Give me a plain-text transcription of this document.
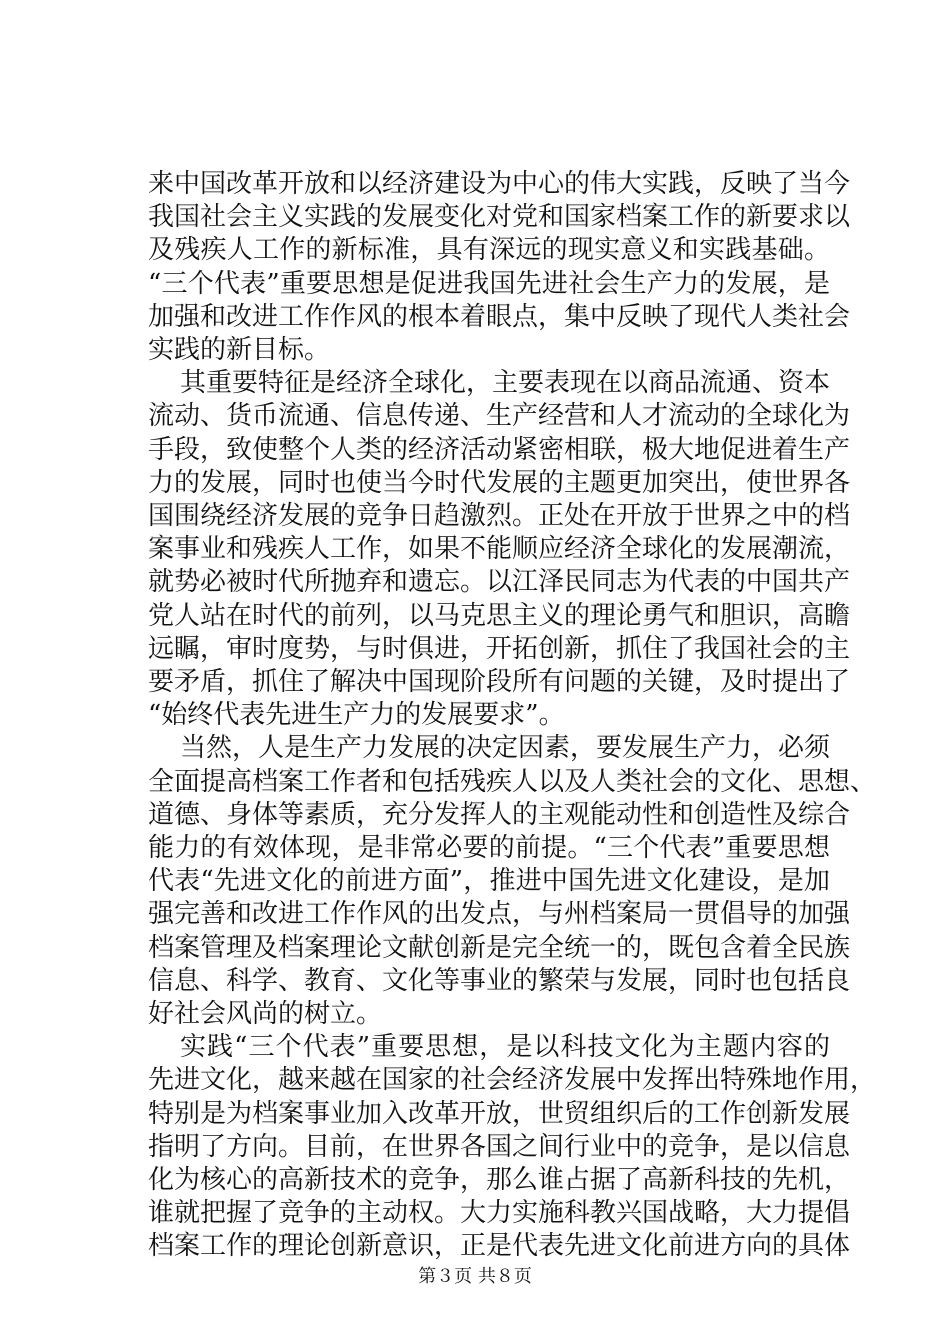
来中国改革开放和以经济建设为中心的伟大实践，反映了当今
我国社会主义实践的发展变化对党和国家档案工作的新要求以
及残疾人工作的新标准，具有深远的现实意义和实践基础。
“三个代表”重要思想是促进我国先进社会生产力的发展，是
加强和改进工作作风的根本着眼点，集中反映了现代人类社会
实践的新目标。
其重要特征是经济全球化，主要表现在以商品流通、资本
流动、货币流通、信息传递、生产经营和人才流动的全球化为
手段，致使整个人类的经济活动紧密相联，极大地促进着生产
力的发展，同时也使当今时代发展的主题更加突出，使世界各
国围绕经济发展的竞争日趋激烈。正处在开放于世界之中的档
案事业和残疾人工作，如果不能顺应经济全球化的发展潮流，
就势必被时代所抛弃和遗忘。以江泽民同志为代表的中国共产
党人站在时代的前列，以马克思主义的理论勇气和胆识，高瞻
远瞩，审时度势，与时俱进，开拓创新，抓住了我国社会的主
要矛盾，抓住了解决中国现阶段所有问题的关键，及时提出了
“始终代表先进生产力的发展要求”。
当然，人是生产力发展的决定因素，要发展生产力，必须
全面提高档案工作者和包括残疾人以及人类社会的文化、思想、
道德、身体等素质，充分发挥人的主观能动性和创造性及综合
能力的有效体现，是非常必要的前提。“三个代表”重要思想
代表“先进文化的前进方面”，推进中国先进文化建设，是加
强完善和改进工作作风的出发点，与州档案局一贯倡导的加强
档案管理及档案理论文献创新是完全统一的，既包含着全民族
信息、科学、教育、文化等事业的繁荣与发展，同时也包括良
好社会风尚的树立。
实践“三个代表”重要思想，是以科技文化为主题内容的
先进文化，越来越在国家的社会经济发展中发挥出特殊地作用，
特别是为档案事业加入改革开放，世贸组织后的工作创新发展
指明了方向。目前，在世界各国之间行业中的竞争，是以信息
化为核心的高新技术的竞争，那么谁占据了高新科技的先机，
谁就把握了竞争的主动权。大力实施科教兴国战略，大力提倡
档案工作的理论创新意识，正是代表先进文化前进方向的具体
第３页 共８页
